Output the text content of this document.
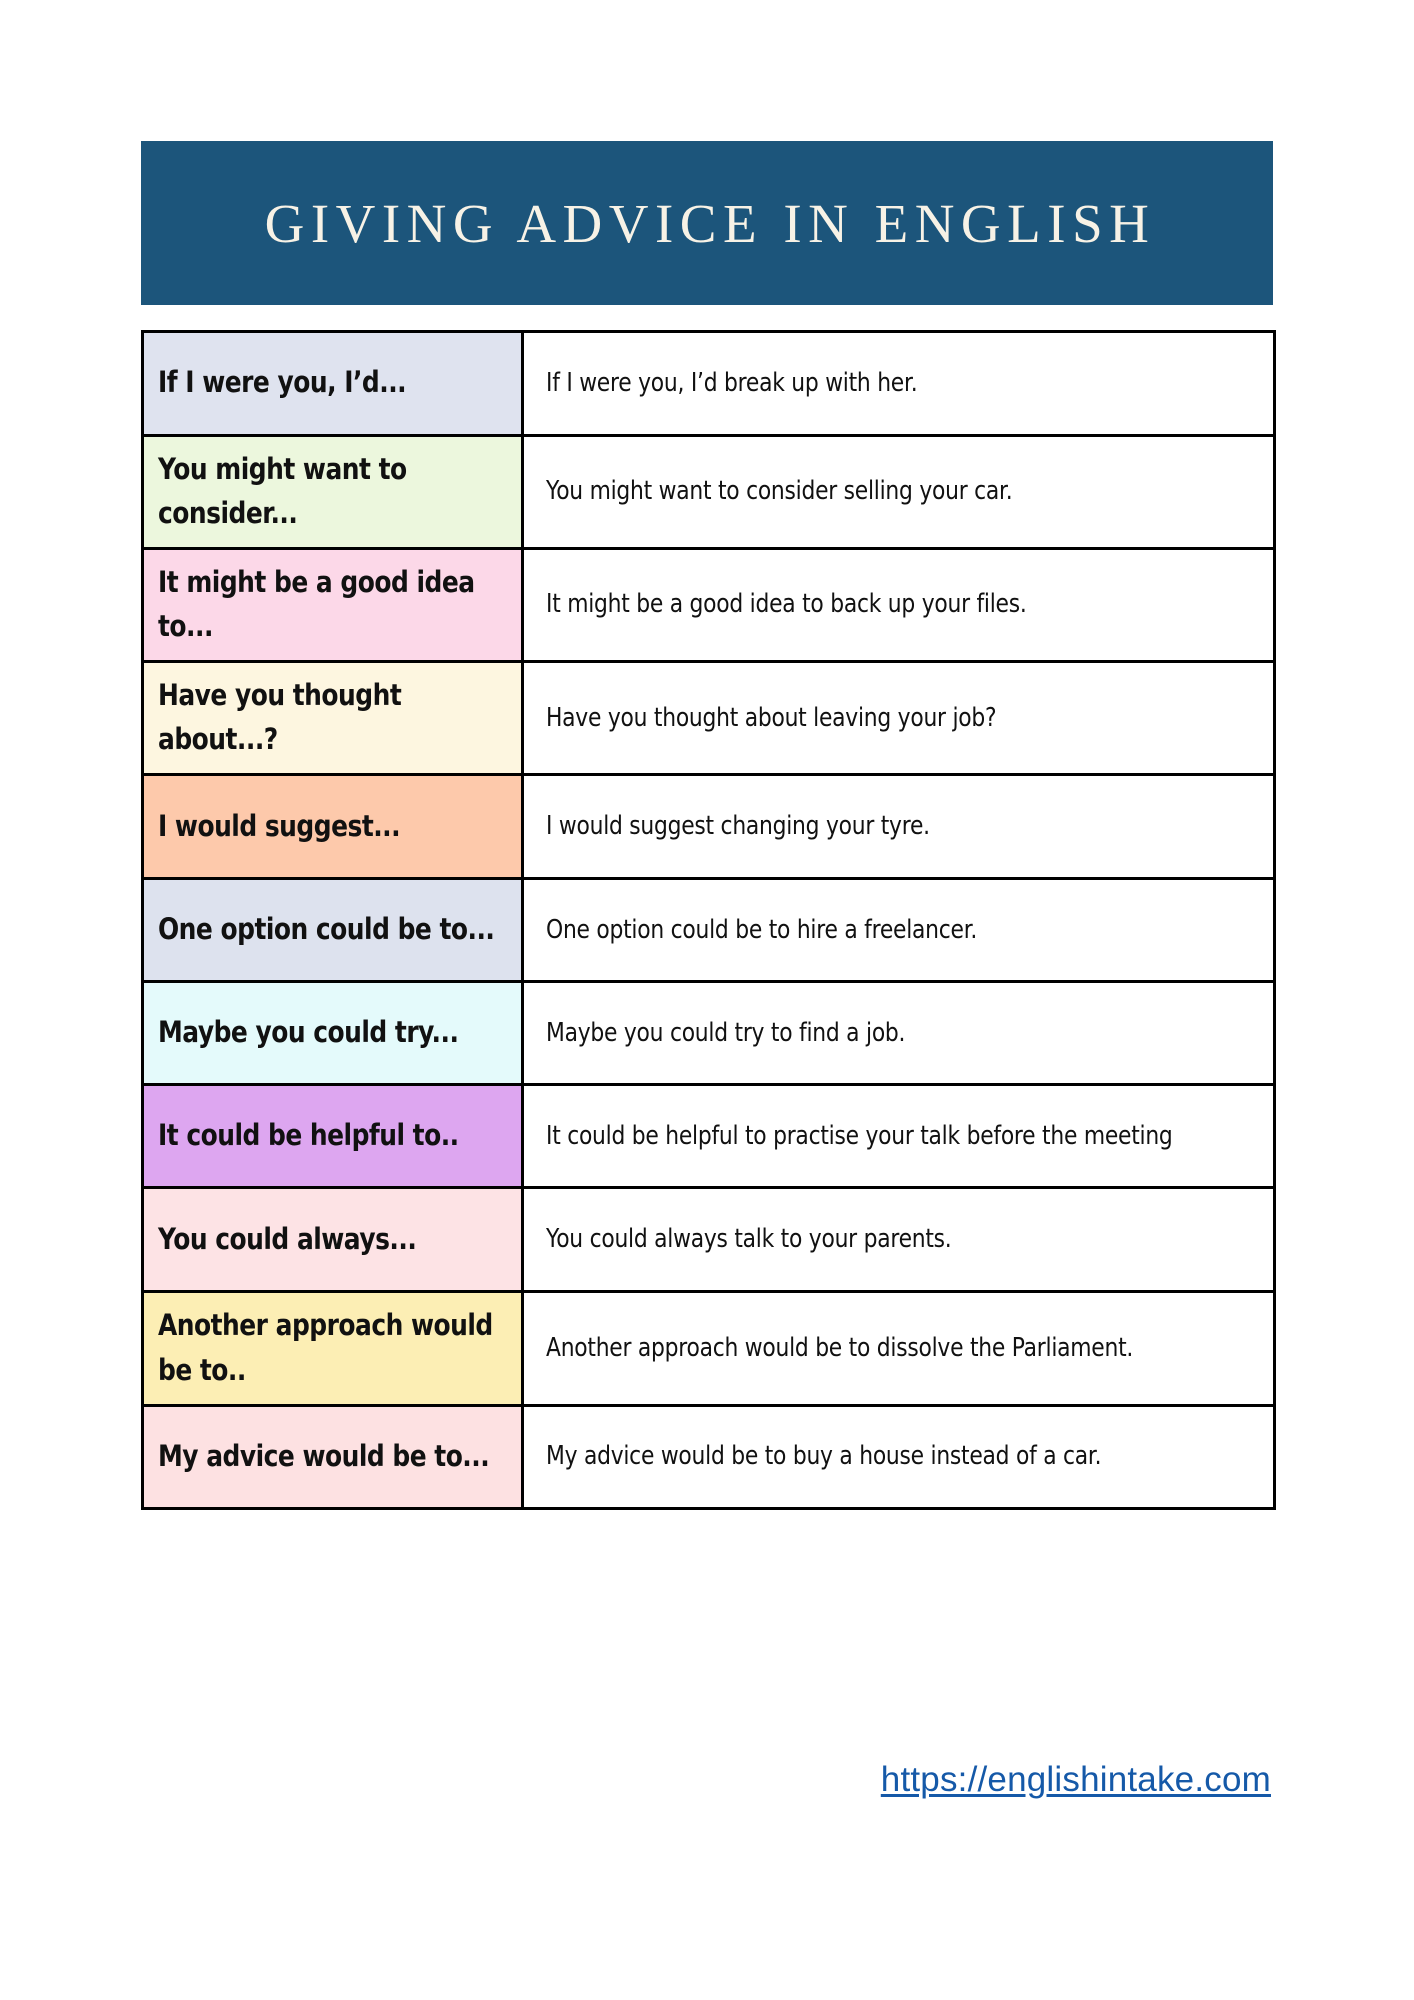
GIVING ADVICE IN ENGLISH
If I were you, I’d...	If I were you, I’d break up with her.

You might want to consider...	You might want to consider selling your car.

It might be a good idea to...	It might be a good idea to back up your files.

Have you thought about...?	Have you thought about leaving your job?

I would suggest...	I would suggest changing your tyre.

One option could be to...	One option could be to hire a freelancer.

Maybe you could try...	Maybe you could try to find a job.

It could be helpful to..	It could be helpful to practise your talk before the meeting

You could always...	You could always talk to your parents.

Another approach would be to..	Another approach would be to dissolve the Parliament.

My advice would be to...	My advice would be to buy a house instead of a car.
https://englishintake.com
